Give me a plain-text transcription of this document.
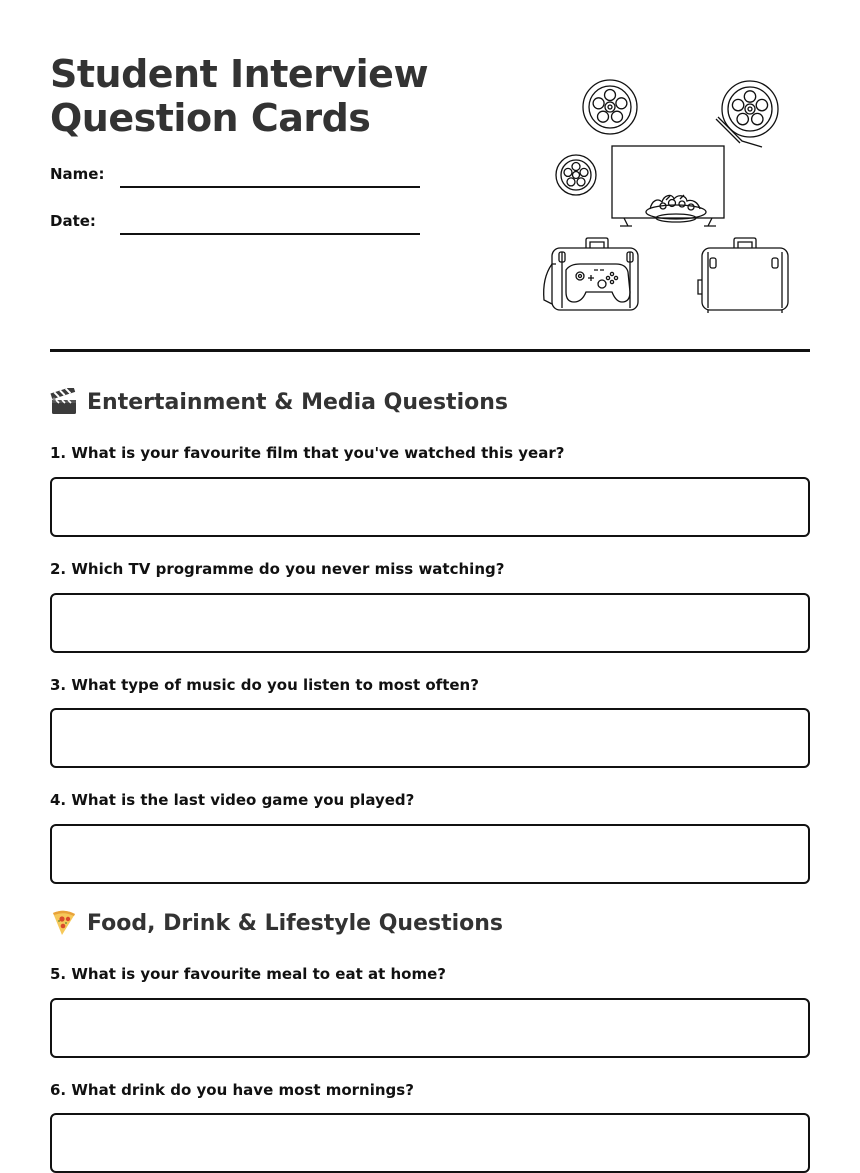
Student Interview
Question Cards
Name:
Date:
Entertainment & Media Questions

1. What is your favourite film that you've watched this year?

2. Which TV programme do you never miss watching?

3. What type of music do you listen to most often?

4. What is the last video game you played?

Food, Drink & Lifestyle Questions

5. What is your favourite meal to eat at home?

6. What drink do you have most mornings?
